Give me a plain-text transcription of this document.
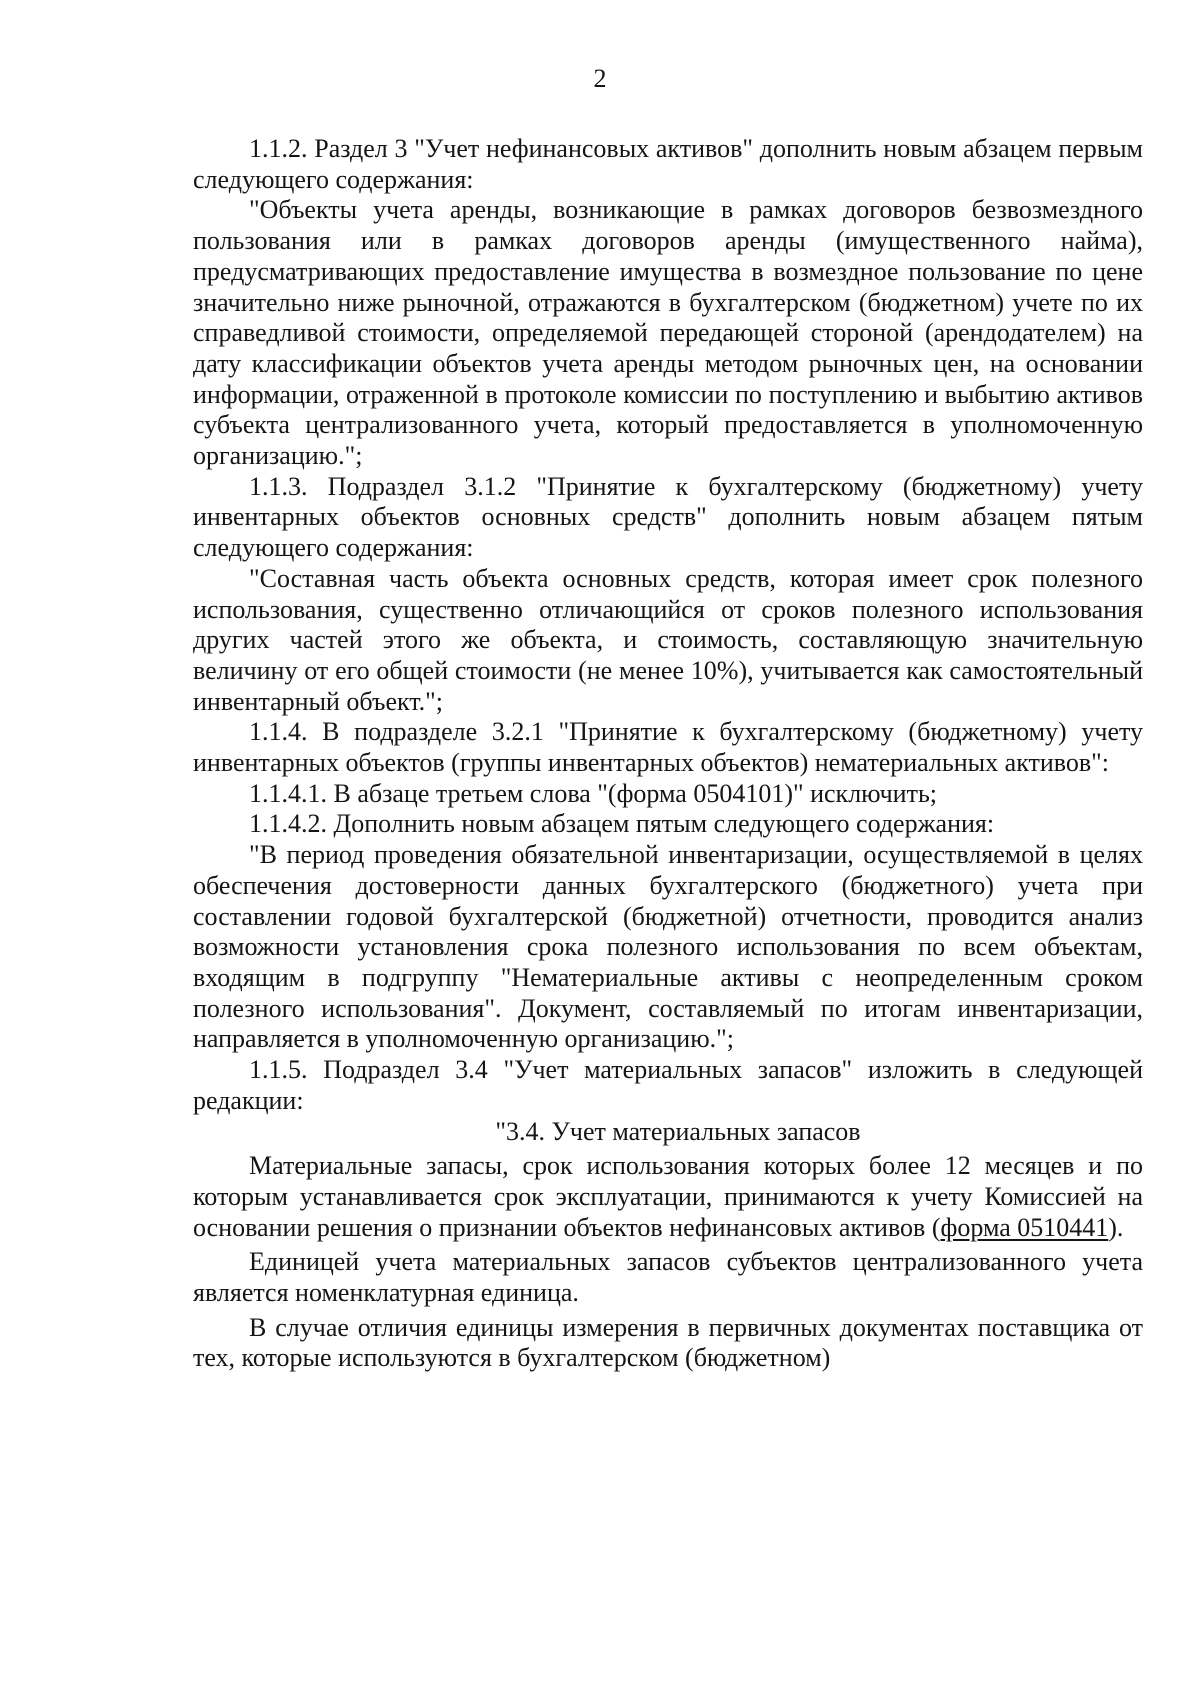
2

1.1.2. Раздел 3 "Учет нефинансовых активов" дополнить новым абзацем первым следующего содержания:

"Объекты учета аренды, возникающие в рамках договоров безвозмездного пользования или в рамках договоров аренды (имущественного найма), предусматривающих предоставление имущества в возмездное пользование по цене значительно ниже рыночной, отражаются в бухгалтерском (бюджетном) учете по их справедливой стоимости, определяемой передающей стороной (арендодателем) на дату классификации объектов учета аренды методом рыночных цен, на основании информации, отраженной в протоколе комиссии по поступлению и выбытию активов субъекта централизованного учета, который предоставляется в уполномоченную организацию.";

1.1.3. Подраздел 3.1.2 "Принятие к бухгалтерскому (бюджетному) учету инвентарных объектов основных средств" дополнить новым абзацем пятым следующего содержания:

"Составная часть объекта основных средств, которая имеет срок полезного использования, существенно отличающийся от сроков полезного использования других частей этого же объекта, и стоимость, составляющую значительную величину от его общей стоимости (не менее 10%), учитывается как самостоятельный инвентарный объект.";

1.1.4. В подразделе 3.2.1 "Принятие к бухгалтерскому (бюджетному) учету инвентарных объектов (группы инвентарных объектов) нематериальных активов":

1.1.4.1. В абзаце третьем слова "(форма 0504101)" исключить;

1.1.4.2. Дополнить новым абзацем пятым следующего содержания:

"В период проведения обязательной инвентаризации, осуществляемой в целях обеспечения достоверности данных бухгалтерского (бюджетного) учета при составлении годовой бухгалтерской (бюджетной) отчетности, проводится анализ возможности установления срока полезного использования по всем объектам, входящим в подгруппу "Нематериальные активы с неопределенным сроком полезного использования". Документ, составляемый по итогам инвентаризации, направляется в уполномоченную организацию.";

1.1.5. Подраздел 3.4 "Учет материальных запасов" изложить в следующей редакции:

"3.4. Учет материальных запасов

Материальные запасы, срок использования которых более 12 месяцев и по которым устанавливается срок эксплуатации, принимаются к учету Комиссией на основании решения о признании объектов нефинансовых активов (форма 0510441).

Единицей учета материальных запасов субъектов централизованного учета является номенклатурная единица.

В случае отличия единицы измерения в первичных документах поставщика от тех, которые используются в бухгалтерском (бюджетном)
